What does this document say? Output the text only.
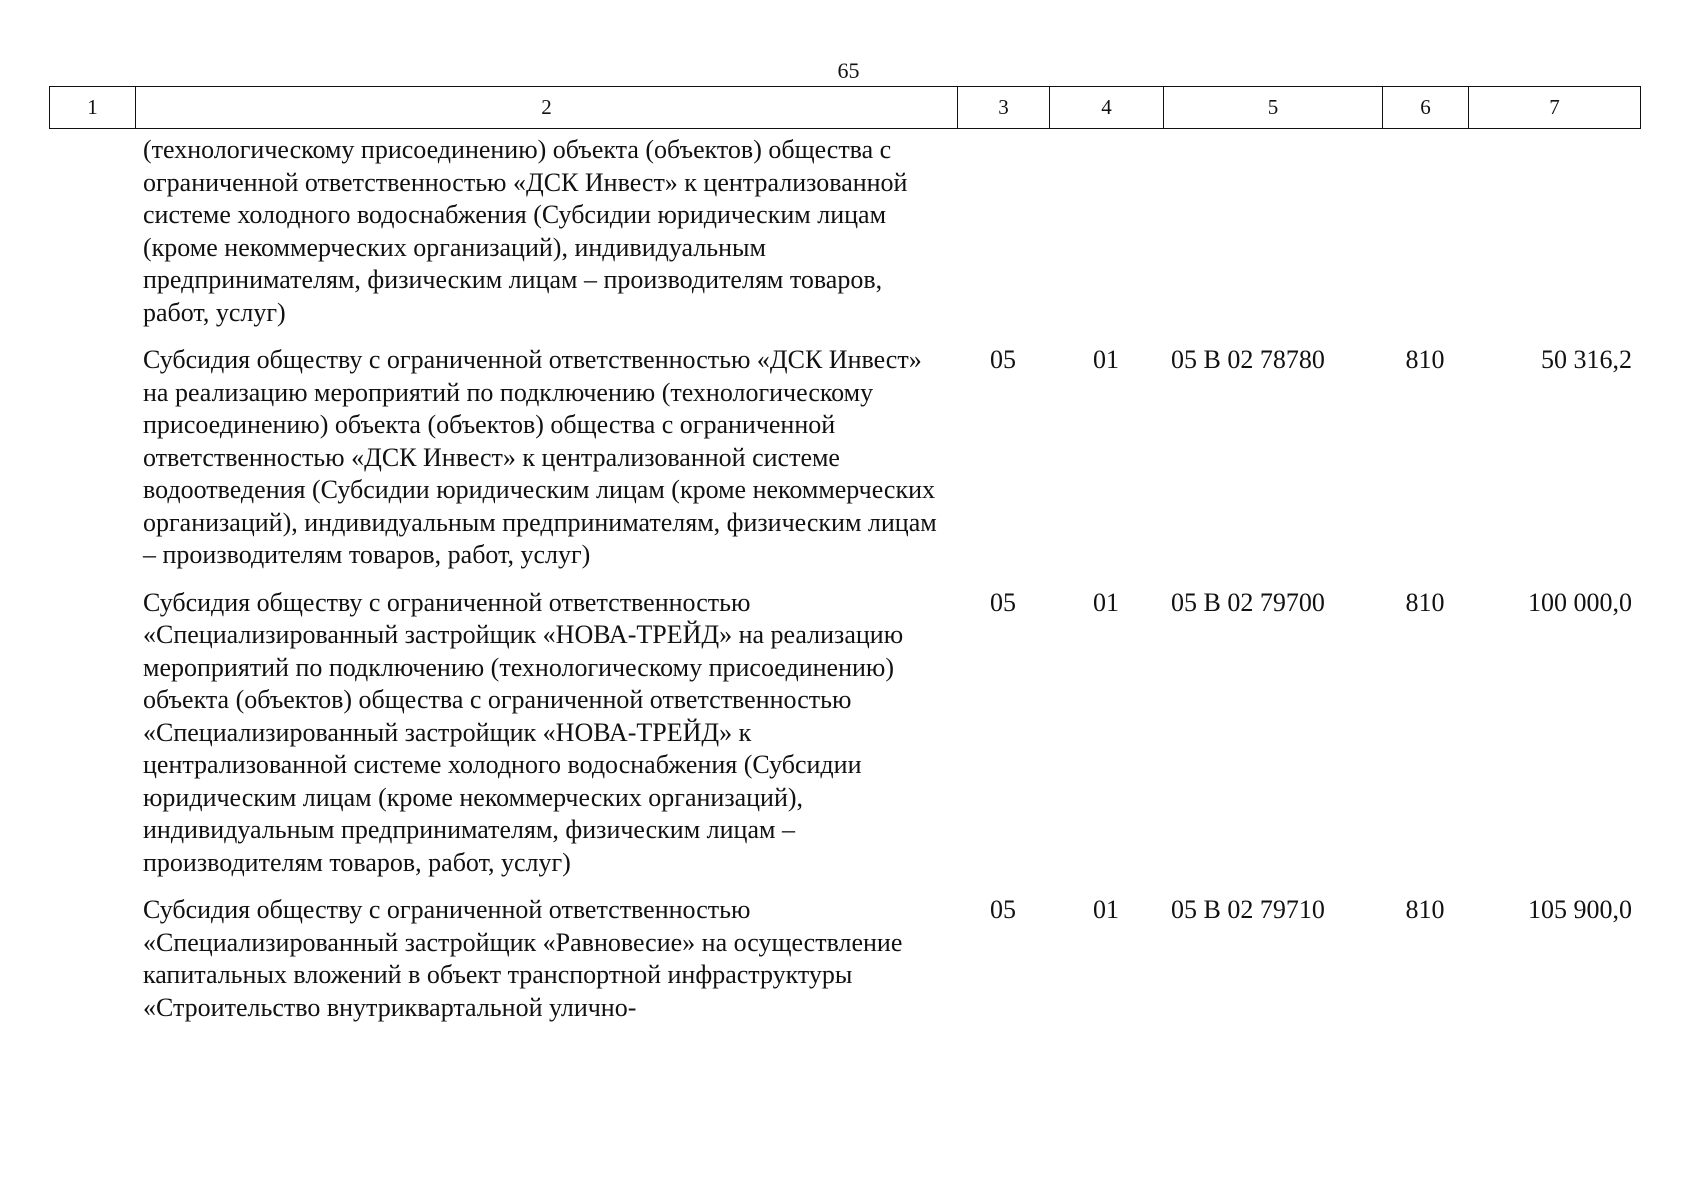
65
1	2	3	4	5	6	7
(технологическому присоединению) объекта (объектов) общества с ограниченной ответственностью «ДСК Инвест» к централизованной системе холодного водоснабжения (Субсидии юридическим лицам (кроме некоммерческих организаций), индивидуальным предпринимателям, физическим лицам – производителям товаров, работ, услуг)					
Субсидия обществу с ограниченной ответственностью «ДСК Инвест» на реализацию мероприятий по подключению (технологическому присоединению) объекта (объектов) общества с ограниченной ответственностью «ДСК Инвест» к централизованной системе водоотведения (Субсидии юридическим лицам (кроме некоммерческих организаций), индивидуальным предпринимателям, физическим лицам – производителям товаров, работ, услуг)	05	01	05 В 02 78780	810	50 316,2
Субсидия обществу с ограниченной ответственностью «Специализированный застройщик «НОВА-ТРЕЙД» на реализацию мероприятий по подключению (технологическому присоединению) объекта (объектов) общества с ограниченной ответственностью «Специализированный застройщик «НОВА-ТРЕЙД» к централизованной системе холодного водоснабжения (Субсидии юридическим лицам (кроме некоммерческих организаций), индивидуальным предпринимателям, физическим лицам – производителям товаров, работ, услуг)	05	01	05 В 02 79700	810	100 000,0
Субсидия обществу с ограниченной ответственностью «Специализированный застройщик «Равновесие» на осуществление капитальных вложений в объект транспортной инфраструктуры «Строительство внутриквартальной улично-	05	01	05 В 02 79710	810	105 900,0
